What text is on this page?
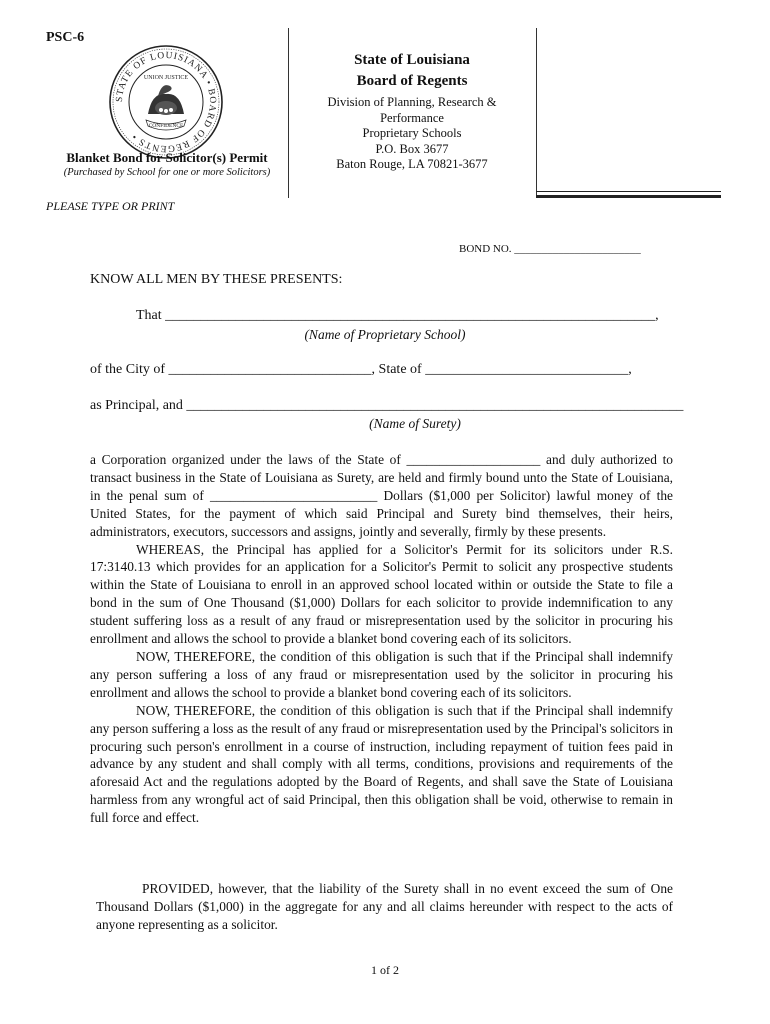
PSC-6
STATE OF LOUISIANA • BOARD OF REGENTS •
UNION JUSTICE
CONFIDENCE
Blanket Bond for Solicitor(s) Permit
(Purchased by School for one or more Solicitors)
State of Louisiana
Board of Regents
Division of Planning, Research &
Performance
Proprietary Schools
P.O. Box 3677
Baton Rouge, LA 70821-3677
PLEASE TYPE OR PRINT
BOND NO. _______________________
KNOW ALL MEN BY THESE PRESENTS:
That ______________________________________________________________________,
(Name of Proprietary School)
of the City of _____________________________, State of _____________________________,
as Principal, and _______________________________________________________________________
(Name of Surety)

a Corporation organized under the laws of the State of ____________________ and duly authorized to transact business in the State of Louisiana as Surety, are held and firmly bound unto the State of Louisiana, in the penal sum of _________________________ Dollars ($1,000 per Solicitor) lawful money of the United States, for the payment of which said Principal and Surety bind themselves, their heirs, administrators, executors, successors and assigns, jointly and severally, firmly by these presents.

WHEREAS, the Principal has applied for a Solicitor's Permit for its solicitors under R.S. 17:3140.13 which provides for an application for a Solicitor's Permit to solicit any prospective students within the State of Louisiana to enroll in an approved school located within or outside the State to file a bond in the sum of One Thousand ($1,000) Dollars for each solicitor to provide indemnification to any student suffering loss as a result of any fraud or misrepresentation used by the solicitor in procuring his enrollment and allows the school to provide a blanket bond covering each of its solicitors.

NOW, THEREFORE, the condition of this obligation is such that if the Principal shall indemnify any person suffering a loss of any fraud or misrepresentation used by the solicitor in procuring his enrollment and allows the school to provide a blanket bond covering each of its solicitors.

NOW, THEREFORE, the condition of this obligation is such that if the Principal shall indemnify any person suffering a loss as the result of any fraud or misrepresentation used by the Principal's solicitors in procuring such person's enrollment in a course of instruction, including repayment of tuition fees paid in advance by any student and shall comply with all terms, conditions, provisions and requirements of the aforesaid Act and the regulations adopted by the Board of Regents, and shall save the State of Louisiana harmless from any wrongful act of said Principal, then this obligation shall be void, otherwise to remain in full force and effect.

PROVIDED, however, that the liability of the Surety shall in no event exceed the sum of One Thousand Dollars ($1,000) in the aggregate for any and all claims hereunder with respect to the acts of anyone representing as a solicitor.

1 of 2
